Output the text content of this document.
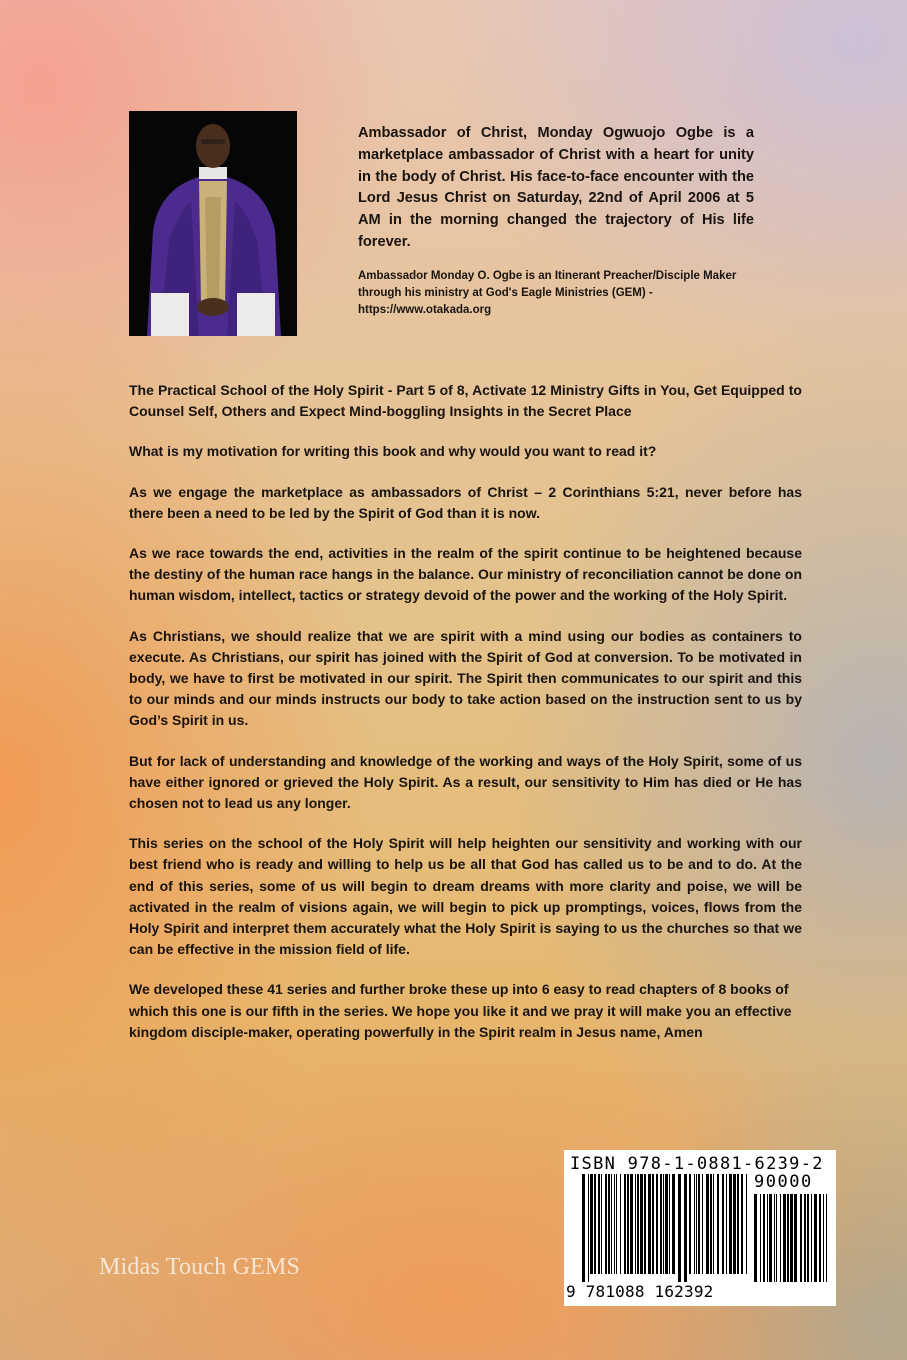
Ambassador of Christ, Monday Ogwuojo Ogbe is a marketplace ambassador of Christ with a heart for unity in the body of Christ. His face-to-face encounter with the Lord Jesus Christ on Saturday, 22nd of April 2006 at 5 AM in the morning changed the trajectory of His life forever.

Ambassador Monday O. Ogbe is an Itinerant Preacher/Disciple Maker through his ministry at God's Eagle Ministries (GEM) - https://www.otakada.org

The Practical School of the Holy Spirit - Part 5 of 8, Activate 12 Ministry Gifts in You, Get Equipped to Counsel Self, Others and Expect Mind-boggling Insights in the Secret Place

What is my motivation for writing this book and why would you want to read it?

As we engage the marketplace as ambassadors of Christ – 2 Corinthians 5:21, never before has there been a need to be led by the Spirit of God than it is now.

As we race towards the end, activities in the realm of the spirit continue to be heightened because the destiny of the human race hangs in the balance. Our ministry of reconciliation cannot be done on human wisdom, intellect, tactics or strategy devoid of the power and the working of the Holy Spirit.

As Christians, we should realize that we are spirit with a mind using our bodies as containers to execute. As Christians, our spirit has joined with the Spirit of God at conversion. To be motivated in body, we have to first be motivated in our spirit. The Spirit then communicates to our spirit and this to our minds and our minds instructs our body to take action based on the instruction sent to us by God’s Spirit in us.

But for lack of understanding and knowledge of the working and ways of the Holy Spirit, some of us have either ignored or grieved the Holy Spirit. As a result, our sensitivity to Him has died or He has chosen not to lead us any longer.

This series on the school of the Holy Spirit will help heighten our sensitivity and working with our best friend who is ready and willing to help us be all that God has called us to be and to do. At the end of this series, some of us will begin to dream dreams with more clarity and poise, we will be activated in the realm of visions again, we will begin to pick up promptings, voices, flows from the Holy Spirit and interpret them accurately what the Holy Spirit is saying to us the churches so that we can be effective in the mission field of life.

We developed these 41 series and further broke these up into 6 easy to read chapters of 8 books of which this one is our fifth in the series. We hope you like it and we pray it will make you an effective kingdom disciple-maker, operating powerfully in the Spirit realm in Jesus name, Amen

Midas Touch GEMS
ISBN 978-1-0881-6239-2
90000
9 781088 162392
